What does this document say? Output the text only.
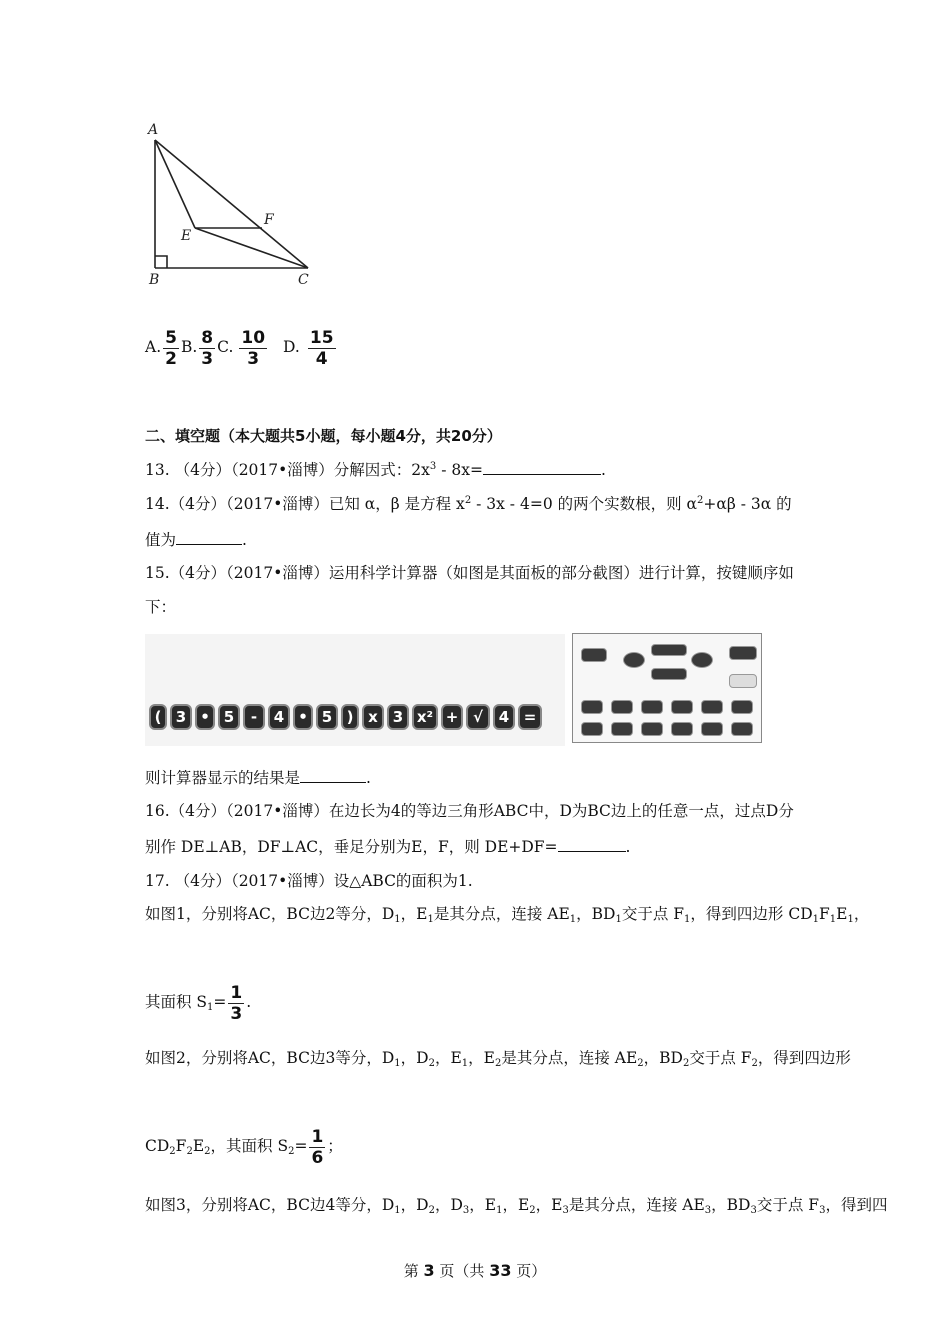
A
B	C
E
F
A. $\frac{5}{2} B$. $\frac{8}{3} C$. $\frac{10}{3} D$. $\frac{15}{4}$
二、填空题（本大题共5小题，每小题4分，共20分）
13. （4分）（2017•淄博）分解因式：$2x^3 - 8x=$	.
14.（4分）（2017•淄博）已知 α，β 是方程 $x^2 - 3x - 4=0$ 的两个实数根，则 $\alpha^2+\alpha\beta - 3\alpha$ 的
值为	.
15.（4分）（2017•淄博）运用科学计算器（如图是其面板的部分截图）进行计算，按键顺序如
下：
( 3 • 5	-	4 • 5 ) x 3 x² + √	4 =
则计算器显示的结果是	.
16.（4分）（2017•淄博）在边长为4的等边三角形ABC中，D为BC边上的任意一点，过点D分
别作 DE⊥AB，DF⊥AC，垂足分别为E，F，则 DE+DF=	.
17. （4分）（2017•淄博）设△ABC的面积为1.
如图1，分别将AC，BC边2等分，$D_1$，$E_1$是其分点，连接 $AE_1$，$BD_1$交于点 $F_1$，得到四边形 $CD_1F_1E_1$，
其面积 $S_1= \frac{1}{3}$ .
如图2，分别将AC，BC边3等分，$D_1$，$D_2$，$E_1$，$E_2$是其分点，连接 $AE_2$，$BD_2$交于点 $F_2$，得到四边形
$CD_2F_2E_2$，其面积 $S_2= \frac{1}{6}$ ；
如图3，分别将AC，BC边4等分，$D_1$，$D_2$，$D_3$，$E_1$，$E_2$，$E_3$是其分点，连接 $AE_3$，$BD_3$交于点 $F_3$，得到四
第 3 页（共 33 页）
